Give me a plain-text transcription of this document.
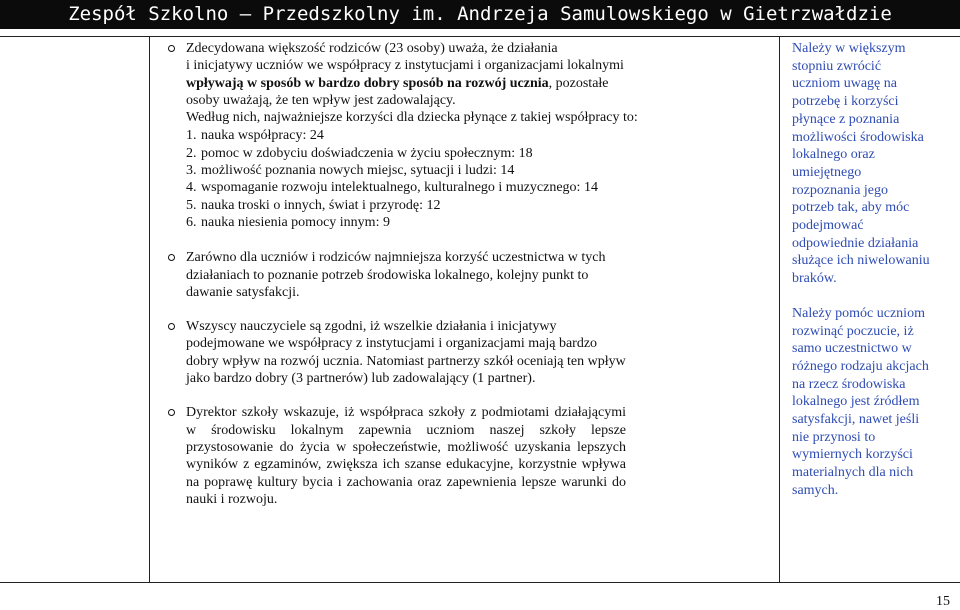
Zespół Szkolno – Przedszkolny im. Andrzeja Samulowskiego w Gietrzwałdzie
Zdecydowana większość rodziców (23 osoby) uważa, że działania
i inicjatywy uczniów we współpracy z instytucjami i organizacjami lokalnymi
wpływają w sposób w bardzo dobry sposób na rozwój ucznia, pozostałe
osoby uważają, że ten wpływ jest zadowalający.
Według nich, najważniejsze korzyści dla dziecka płynące z takiej współpracy to:
1. nauka współpracy: 24
2. pomoc w zdobyciu doświadczenia w życiu społecznym: 18
3. możliwość poznania nowych miejsc, sytuacji i ludzi: 14
4. wspomaganie rozwoju intelektualnego, kulturalnego i muzycznego: 14
5. nauka troski o innych, świat i przyrodę: 12
6. nauka niesienia pomocy innym: 9
Zarówno dla uczniów i rodziców najmniejsza korzyść uczestnictwa w tych
działaniach to poznanie potrzeb środowiska lokalnego, kolejny punkt to
dawanie satysfakcji.
Wszyscy nauczyciele są zgodni, iż wszelkie działania i inicjatywy podejmowane we współpracy z instytucjami i organizacjami mają bardzo dobry wpływ na rozwój ucznia. Natomiast partnerzy szkół oceniają ten wpływ jako bardzo dobry (3 partnerów) lub zadowalający (1 partner).
Dyrektor szkoły wskazuje, iż współpraca szkoły z podmiotami działającymi w środowisku lokalnym zapewnia uczniom naszej szkoły lepsze przystosowanie do życia w społeczeństwie, możliwość uzyskania lepszych wyników z egzaminów, zwiększa ich szanse edukacyjne, korzystnie wpływa na poprawę kultury bycia i zachowania oraz zapewnienia lepsze warunki do nauki i rozwoju.

Należy w większym stopniu zwrócić uczniom uwagę na potrzebę i korzyści płynące z poznania możliwości środowiska lokalnego oraz umiejętnego rozpoznania jego potrzeb tak, aby móc podejmować odpowiednie działania służące ich niwelowaniu braków.

Należy pomóc uczniom rozwinąć poczucie, iż samo uczestnictwo w różnego rodzaju akcjach na rzecz środowiska lokalnego jest źródłem satysfakcji, nawet jeśli nie przynosi to wymiernych korzyści materialnych dla nich samych.

15
